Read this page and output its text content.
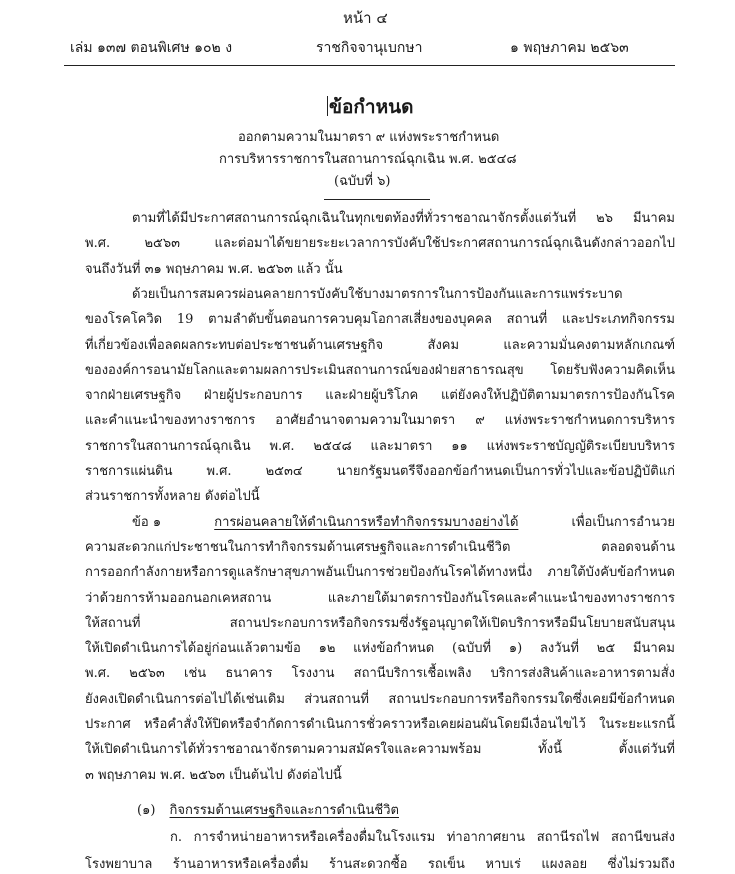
หน้า ๔
เล่ม ๑๓๗ ตอนพิเศษ ๑๐๒ ง	ราชกิจจานุเบกษา	๑ พฤษภาคม ๒๕๖๓
ข้อกำหนด
ออกตามความในมาตรา ๙ แห่งพระราชกำหนด
การบริหารราชการในสถานการณ์ฉุกเฉิน พ.ศ. ๒๕๔๘
(ฉบับที่ ๖)
ตามที่ได้มีประกาศสถานการณ์ฉุกเฉินในทุกเขตท้องที่ทั่วราชอาณาจักรตั้งแต่วันที่ ๒๖ มีนาคม
พ.ศ. ๒๕๖๓ และต่อมาได้ขยายระยะเวลาการบังคับใช้ประกาศสถานการณ์ฉุกเฉินดังกล่าวออกไป
จนถึงวันที่ ๓๑ พฤษภาคม พ.ศ. ๒๕๖๓ แล้ว นั้น
ด้วยเป็นการสมควรผ่อนคลายการบังคับใช้บางมาตรการในการป้องกันและการแพร่ระบาด
ของโรคโควิด 19 ตามลำดับขั้นตอนการควบคุมโอกาสเสี่ยงของบุคคล สถานที่ และประเภทกิจกรรม
ที่เกี่ยวข้องเพื่อลดผลกระทบต่อประชาชนด้านเศรษฐกิจ สังคม และความมั่นคงตามหลักเกณฑ์
ขององค์การอนามัยโลกและตามผลการประเมินสถานการณ์ของฝ่ายสาธารณสุข โดยรับฟังความคิดเห็น
จากฝ่ายเศรษฐกิจ ฝ่ายผู้ประกอบการ และฝ่ายผู้บริโภค แต่ยังคงให้ปฏิบัติตามมาตรการป้องกันโรค
และคำแนะนำของทางราชการ อาศัยอำนาจตามความในมาตรา ๙ แห่งพระราชกำหนดการบริหาร
ราชการในสถานการณ์ฉุกเฉิน พ.ศ. ๒๕๔๘ และมาตรา ๑๑ แห่งพระราชบัญญัติระเบียบบริหาร
ราชการแผ่นดิน พ.ศ. ๒๕๓๔ นายกรัฐมนตรีจึงออกข้อกำหนดเป็นการทั่วไปและข้อปฏิบัติแก่
ส่วนราชการทั้งหลาย ดังต่อไปนี้
ข้อ ๑	การผ่อนคลายให้ดำเนินการหรือทำกิจกรรมบางอย่างได้	เพื่อเป็นการอำนวย
ความสะดวกแก่ประชาชนในการทำกิจกรรมด้านเศรษฐกิจและการดำเนินชีวิต ตลอดจนด้าน
การออกกำลังกายหรือการดูแลรักษาสุขภาพอันเป็นการช่วยป้องกันโรคได้ทางหนึ่ง ภายใต้บังคับข้อกำหนด
ว่าด้วยการห้ามออกนอกเคหสถาน และภายใต้มาตรการป้องกันโรคและคำแนะนำของทางราชการ
ให้สถานที่ สถานประกอบการหรือกิจกรรมซึ่งรัฐอนุญาตให้เปิดบริการหรือมีนโยบายสนับสนุน
ให้เปิดดำเนินการได้อยู่ก่อนแล้วตามข้อ ๑๒ แห่งข้อกำหนด (ฉบับที่ ๑) ลงวันที่ ๒๕ มีนาคม
พ.ศ. ๒๕๖๓ เช่น ธนาคาร โรงงาน สถานีบริการเชื้อเพลิง บริการส่งสินค้าและอาหารตามสั่ง
ยังคงเปิดดำเนินการต่อไปได้เช่นเดิม ส่วนสถานที่ สถานประกอบการหรือกิจกรรมใดซึ่งเคยมีข้อกำหนด
ประกาศ หรือคำสั่งให้ปิดหรือจำกัดการดำเนินการชั่วคราวหรือเคยผ่อนผันโดยมีเงื่อนไขไว้ ในระยะแรกนี้
ให้เปิดดำเนินการได้ทั่วราชอาณาจักรตามความสมัครใจและความพร้อม ทั้งนี้ ตั้งแต่วันที่
๓ พฤษภาคม พ.ศ. ๒๕๖๓ เป็นต้นไป ดังต่อไปนี้
(๑) กิจกรรมด้านเศรษฐกิจและการดำเนินชีวิต
ก. การจำหน่ายอาหารหรือเครื่องดื่มในโรงแรม ท่าอากาศยาน สถานีรถไฟ สถานีขนส่ง
โรงพยาบาล ร้านอาหารหรือเครื่องดื่ม ร้านสะดวกซื้อ รถเข็น หาบเร่ แผงลอย ซึ่งไม่รวมถึง
